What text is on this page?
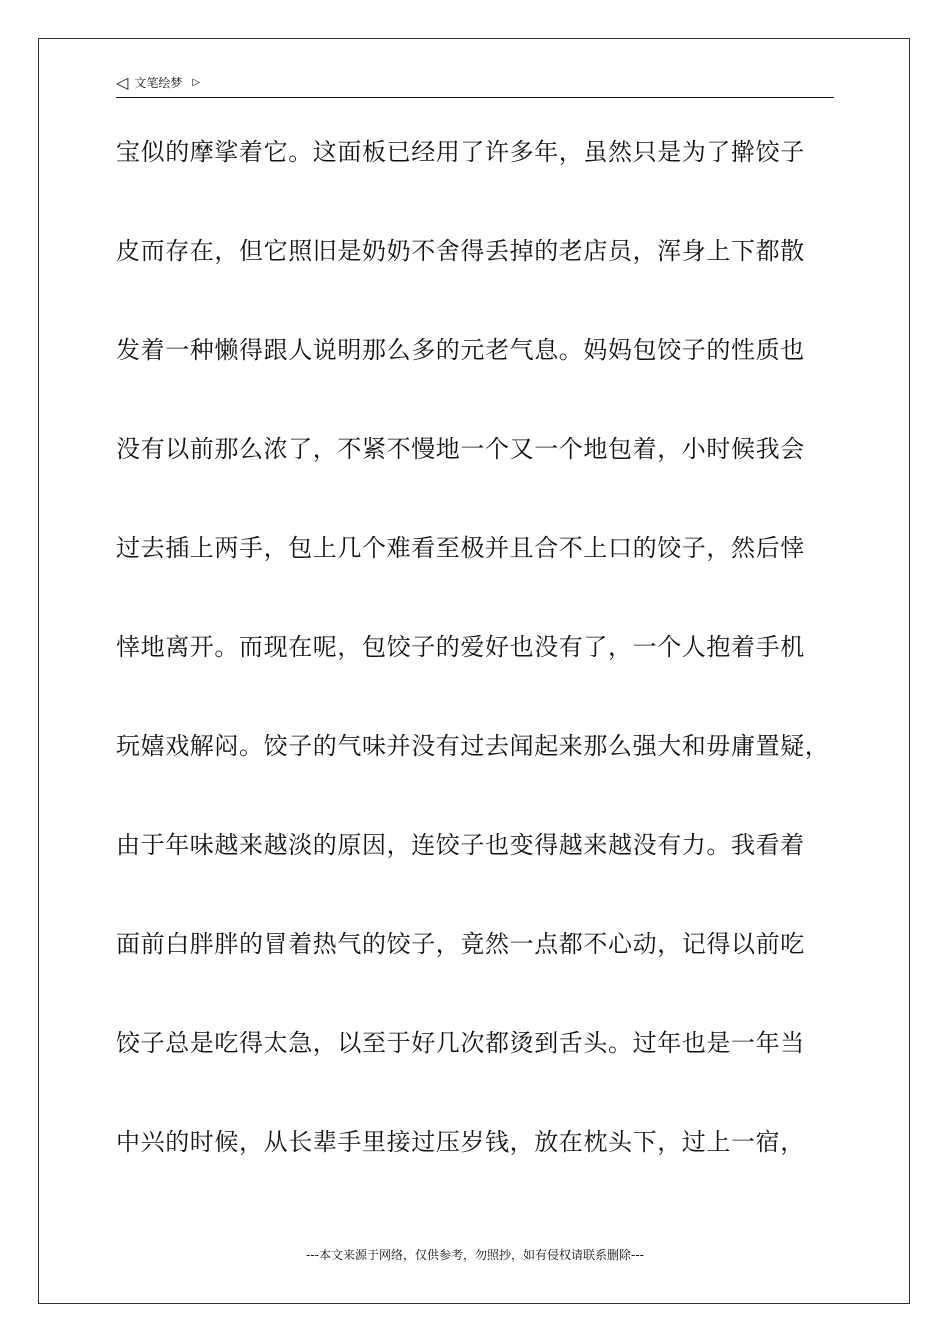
◁ 文笔绘梦 ▷
宝似的摩挲着它。这面板已经用了许多年，虽然只是为了擀饺子
皮而存在，但它照旧是奶奶不舍得丢掉的老店员，浑身上下都散
发着一种懒得跟人说明那么多的元老气息。妈妈包饺子的性质也
没有以前那么浓了，不紧不慢地一个又一个地包着，小时候我会
过去插上两手，包上几个难看至极并且合不上口的饺子，然后悻
悻地离开。而现在呢，包饺子的爱好也没有了，一个人抱着手机
玩嬉戏解闷。饺子的气味并没有过去闻起来那么强大和毋庸置疑，
由于年味越来越淡的原因，连饺子也变得越来越没有力。我看着
面前白胖胖的冒着热气的饺子，竟然一点都不心动，记得以前吃
饺子总是吃得太急，以至于好几次都烫到舌头。过年也是一年当
中兴的时候，从长辈手里接过压岁钱，放在枕头下，过上一宿，
---本文来源于网络，仅供参考，勿照抄，如有侵权请联系删除---
